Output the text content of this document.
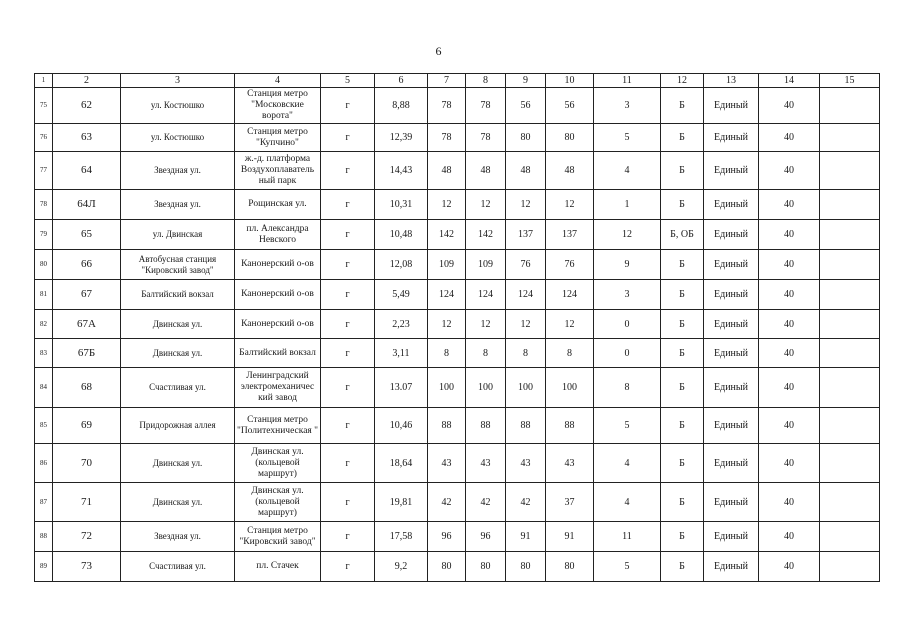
6
1	2	3	4	5	6	7	8	9	10	11	12	13	14	15
75	62	ул. Костюшко	Станция метро "Московские ворота"	г	8,88	78	78	56	56	3	Б	Единый	40	
76	63	ул. Костюшко	Станция метро "Купчино"	г	12,39	78	78	80	80	5	Б	Единый	40	
77	64	Звездная ул.	ж.-д. платформа Воздухоплаватель ный парк	г	14,43	48	48	48	48	4	Б	Единый	40	
78	64Л	Звездная ул.	Рощинская ул.	г	10,31	12	12	12	12	1	Б	Единый	40	
79	65	ул. Двинская	пл. Александра Невского	г	10,48	142	142	137	137	12	Б, ОБ	Единый	40	
80	66	Автобусная станция "Кировский завод"	Канонерский о-ов	г	12,08	109	109	76	76	9	Б	Единый	40	
81	67	Балтийский вокзал	Канонерский о-ов	г	5,49	124	124	124	124	3	Б	Единый	40	
82	67А	Двинская ул.	Канонерский о-ов	г	2,23	12	12	12	12	0	Б	Единый	40	
83	67Б	Двинская ул.	Балтийский вокзал	г	3,11	8	8	8	8	0	Б	Единый	40	
84	68	Счастливая ул.	Ленинградский электромеханичес кий завод	г	13.07	100	100	100	100	8	Б	Единый	40	
85	69	Придорожная аллея	Станция метро "Политехническая "	г	10,46	88	88	88	88	5	Б	Единый	40	
86	70	Двинская ул.	Двинская ул. (кольцевой маршрут)	г	18,64	43	43	43	43	4	Б	Единый	40	
87	71	Двинская ул.	Двинская ул. (кольцевой маршрут)	г	19,81	42	42	42	37	4	Б	Единый	40	
88	72	Звездная ул.	Станция метро "Кировский завод"	г	17,58	96	96	91	91	11	Б	Единый	40	
89	73	Счастливая ул.	пл. Стачек	г	9,2	80	80	80	80	5	Б	Единый	40	
